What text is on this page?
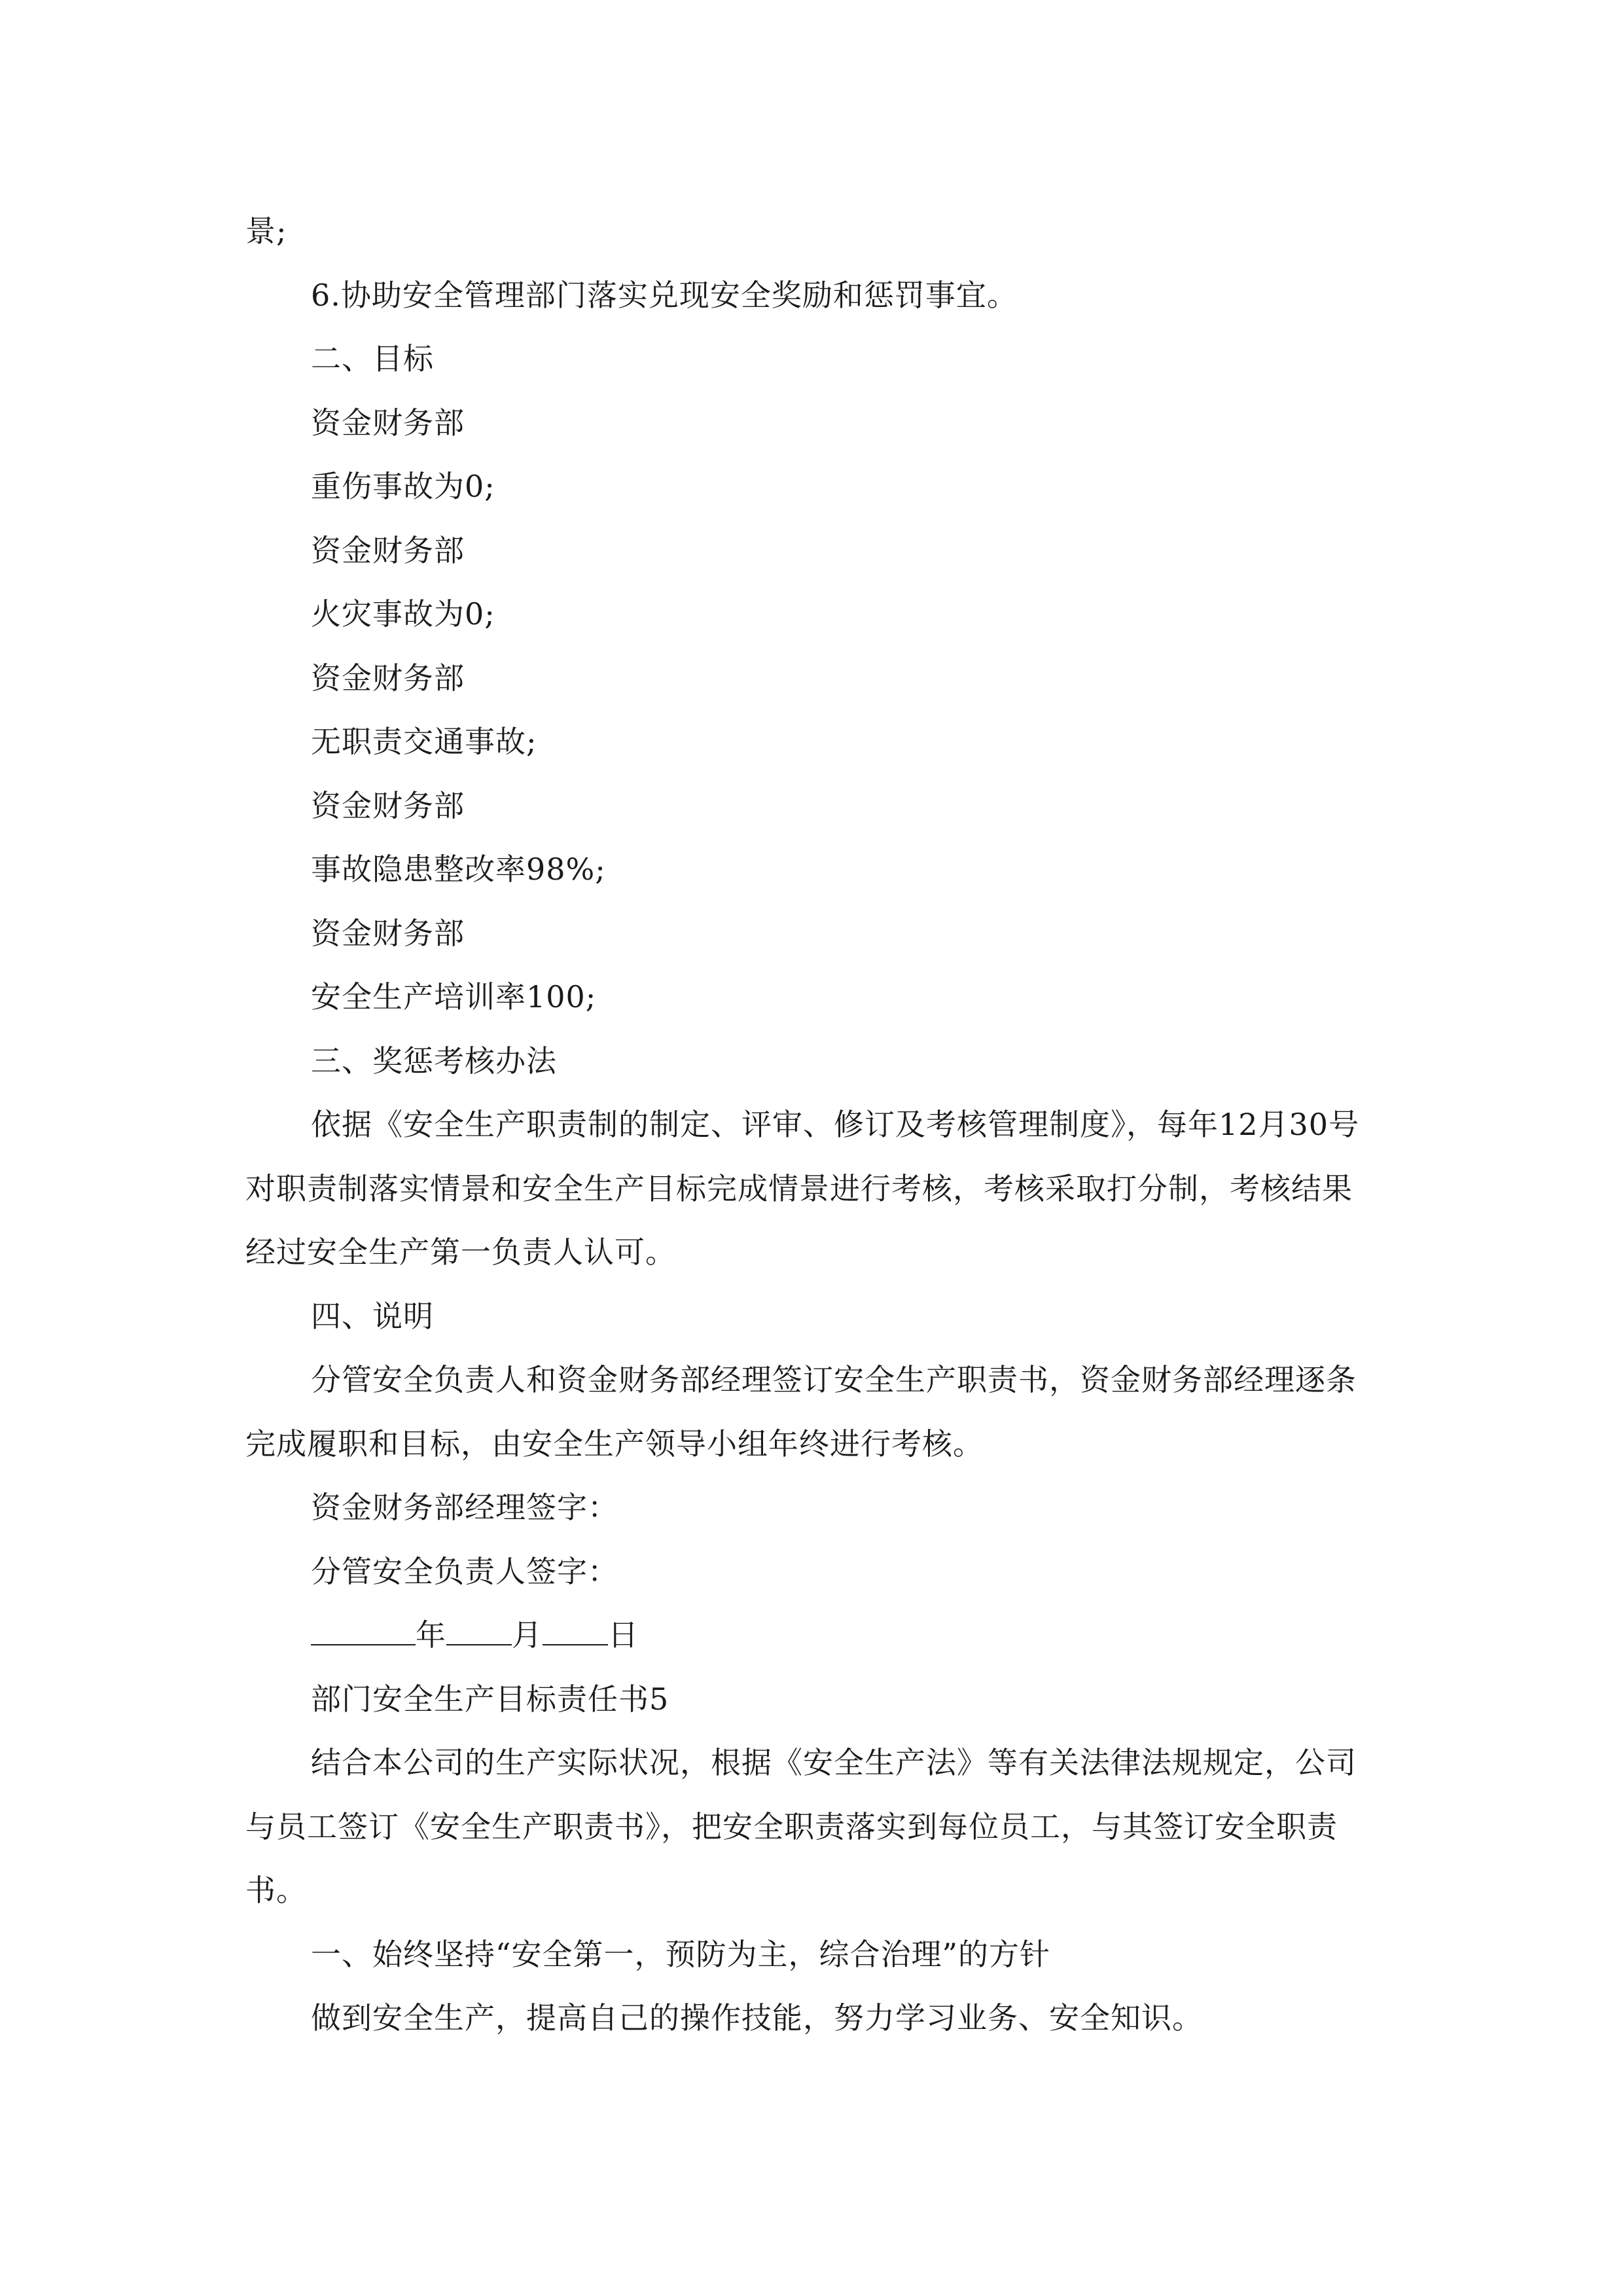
景;

6.协助安全管理部门落实兑现安全奖励和惩罚事宜。

二、目标

资金财务部

重伤事故为0;

资金财务部

火灾事故为0;

资金财务部

无职责交通事故;

资金财务部

事故隐患整改率98%;

资金财务部

安全生产培训率100;

三、奖惩考核办法

依据《安全生产职责制的制定、评审、修订及考核管理制度》，每年12月30号对职责制落实情景和安全生产目标完成情景进行考核，考核采取打分制，考核结果经过安全生产第一负责人认可。

四、说明

分管安全负责人和资金财务部经理签订安全生产职责书，资金财务部经理逐条完成履职和目标，由安全生产领导小组年终进行考核。

资金财务部经理签字：

分管安全负责人签字：

年 月 日

部门安全生产目标责任书5

结合本公司的生产实际状况，根据《安全生产法》等有关法律法规规定，公司与员工签订《安全生产职责书》，把安全职责落实到每位员工，与其签订安全职责书。

一、始终坚持“安全第一，预防为主，综合治理”的方针

做到安全生产，提高自己的操作技能，努力学习业务、安全知识。
